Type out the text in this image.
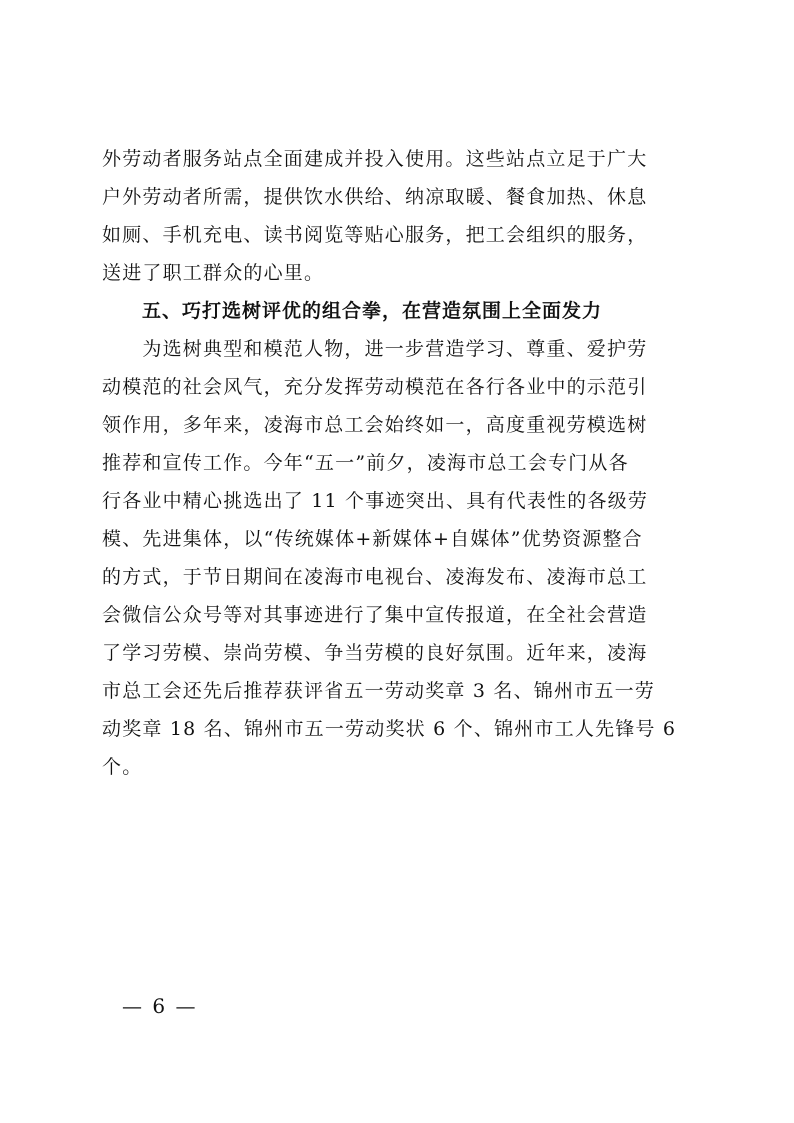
外劳动者服务站点全面建成并投入使用。这些站点立足于广大
户外劳动者所需，提供饮水供给、纳凉取暖、餐食加热、休息
如厕、手机充电、读书阅览等贴心服务，把工会组织的服务，
送进了职工群众的心里。
五、巧打选树评优的组合拳，在营造氛围上全面发力
　　为选树典型和模范人物，进一步营造学习、尊重、爱护劳
动模范的社会风气，充分发挥劳动模范在各行各业中的示范引
领作用，多年来，凌海市总工会始终如一，高度重视劳模选树
推荐和宣传工作。今年“五一”前夕，凌海市总工会专门从各
行各业中精心挑选出了 11 个事迹突出、具有代表性的各级劳
模、先进集体，以“传统媒体+新媒体+自媒体”优势资源整合
的方式，于节日期间在凌海市电视台、凌海发布、凌海市总工
会微信公众号等对其事迹进行了集中宣传报道，在全社会营造
了学习劳模、崇尚劳模、争当劳模的良好氛围。近年来，凌海
市总工会还先后推荐获评省五一劳动奖章 3 名、锦州市五一劳
动奖章 18 名、锦州市五一劳动奖状 6 个、锦州市工人先锋号 6
个。
— 6 —
